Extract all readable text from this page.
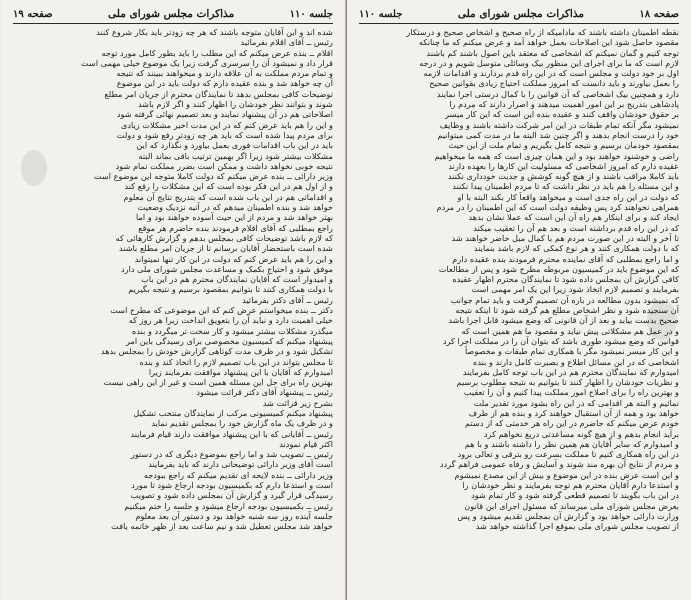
صفحه ۱۸
مذاکرات مجلس شورای ملی
جلسه ۱۱۰
نقطه اطمینان داشته باشند که مادامیکه از راه صحیح و اشخاص صحیح و درستکار
مقصود حاصل شود این اصلاحات بعمل خواهد آمد و عرض میکنم که ما چنانکه
توجه کنیم و گمان نمیکنم که اشخاصی که معتقد باین اصول باشند کم باشند
لازم است که ما برای اجرای این منظور بیک وسائلی متوسل شویم و در درجه
اول بر خود دولت و مجلس است که در این راه قدم بردارند و اقدامات لازمه
را بعمل بیاورند و باید دانست که امروز مملکت احتیاج زیادی بقوانین صحیح
دارد و همچنین بیک اشخاصی که آن قوانین را با کمال درستی اجرا نمایند
پادشاهی بتدریج بر این امور اهمیت میدهند و اصرار دارند که مردم را
بر حقوق خودشان واقف کنند و عقیده بنده این است که این کار میسر
نمیشود مگر آنکه تمام طبقات در این امر شرکت داشته باشند و وظایف
خود را درست انجام بدهند و اگر چنین شد البته ما در مدت کمی میتوانیم
بمقصود خودمان برسیم و نتیجه کامل بگیریم و تمام ملت از این حیث
راضی و خوشنود خواهند بود و این همان چیزی است که همه ما میخواهیم
عقیده دارم که امروز اشخاصی که مسئولیت این کارها را بعهده دارند
باید کاملا مراقب باشند و از هیچ گونه کوشش و جدیت خودداری نکنند
و این مسئله را هم باید در نظر داشت که تا مردم اطمینان پیدا نکنند
که دولت در این راه جدی است و میخواهد واقعاً کار بکند البته با او
همراهی نخواهند کرد پس وظیفه دولت است که این اطمینان را در مردم
ایجاد کند و برای اینکار هم راه آن این است که عملا نشان بدهد
که در این راه قدم برداشته است و بعد هم آن را تعقیب میکند
تا آخر و البته در این صورت مردم هم با کمال میل حاضر خواهند شد
که با دولت همکاری کنند و هر نوع کمکی که لازم باشد بنمایند
و اما راجع بمطلبی که آقای نماینده محترم فرمودند بنده عقیده دارم
که این موضوع باید در کمیسیون مربوطه مطرح شود و پس از مطالعات
کافی گزارش آن بمجلس داده شود تا نمایندگان محترم اظهار عقیده
بفرمایند و تصمیم لازم اتخاذ شود زیرا این یک امر مهمی است
که نمیشود بدون مطالعه در باره آن تصمیم گرفت و باید تمام جوانب
آن سنجیده شود و نظر اشخاص مطلع هم گرفته شود تا اینکه نتیجه
صحیح بدست بیاید و بعد از آن قانونی که وضع میشود قابل اجرا باشد
و در عمل هم مشکلاتی پیش نیاید و مقصود ما هم همین است که
قوانین که وضع میشود طوری باشد که بتوان آن را در مملکت اجرا کرد
و این کار میسر نمیشود مگر با همکاری تمام طبقات و مخصوصاً
اشخاصی که در این مسائل اطلاع و بصیرت کامل دارند و بنده
امیدوارم که نمایندگان محترم هم در این باب توجه کامل بفرمایند
و نظریات خودشان را اظهار کنند تا بتوانیم به نتیجه مطلوب برسیم
و بهترین راه را برای اصلاح امور مملکت پیدا کنیم و آن را تعقیب
نمائیم و البته هر اقدامی که در این راه بشود مورد تقدیر ملت
خواهد بود و همه از آن استقبال خواهند کرد و بنده هم از طرف
خودم عرض میکنم که حاضرم در این راه هر خدمتی که از دستم
برآید انجام بدهم و از هیچ گونه مساعدتی دریغ نخواهم کرد
و امیدوارم که سایر آقایان هم همین نظر را داشته باشند و با هم
در این راه همکاری کنیم تا مملکت بسرعت رو بترقی و تعالی برود
و مردم از نتایج آن بهره مند شوند و آسایش و رفاه عمومی فراهم گردد
و این است عرض بنده در این موضوع و بیش از این مصدع نمیشوم
و استدعا دارم آقایان محترم هم توجه بفرمایند و نظر خودشان را
در این باب بگویند تا تصمیم قطعی گرفته شود و کار تمام شود
بعرض مجلس شورای ملی میرساند که مسئول اجرای این قانون
وزارت دارائی خواهد بود و گزارش آن بمجلس تقدیم میشود و پس
از تصویب مجلس شورای ملی بموقع اجرا گذاشته خواهد شد
جلسه ۱۱۰
مذاکرات مجلس شورای ملی
صفحه ۱۹
شده اند و این آقایان متوجه باشند که هر چه زودتر باید بکار شروع کنند
رئیس ــ آقای اقلام بفرمائید
اقلام ــ بنده عرض میکنم که این مطلب را باید بطور کامل مورد توجه
قرار داد و نمیشود آن را سرسری گرفت زیرا یک موضوع خیلی مهمی است
و تمام مردم مملکت به آن علاقه دارند و میخواهند ببینند که نتیجه
آن چه خواهد شد و بنده عقیده دارم که دولت باید در این موضوع
توضیحات کافی بمجلس بدهد تا نمایندگان محترم از جریان امر مطلع
شوند و بتوانند نظر خودشان را اظهار کنند و اگر لازم باشد
اصلاحاتی هم در آن پیشنهاد نمایند و بعد تصمیم نهائی گرفته شود
و این را هم باید عرض کنم که در این مدت اخیر مشکلات زیادی
برای مردم پیدا شده است که باید هر چه زودتر رفع شود و دولت
باید در این باب اقدامات فوری بعمل بیاورد و نگذارد که این
مشکلات بیشتر شود زیرا اگر بهمین ترتیب باقی بماند البته
نتیجه خوبی نخواهد داشت و ممکن است بضرر مملکت تمام شود
وزیر دارائی ــ بنده عرض میکنم که دولت کاملا متوجه این موضوع است
و از اول هم در این فکر بوده است که این مشکلات را رفع کند
و اقداماتی هم در این باب شده است که بتدریج نتایج آن معلوم
خواهد شد و بنده اطمینان میدهم که در آتیه نزدیک وضعیت
بهتر خواهد شد و مردم از این حیث آسوده خواهند بود و اما
راجع بمطلبی که آقای اقلام فرمودند بنده حاضرم هر موقع
که لازم باشد توضیحات کافی بمجلس بدهم و گزارش کارهائی که
شده است باستحضار آقایان برسانم تا از جریان امر مطلع باشند
و این را هم باید عرض کنم که دولت در این کار تنها نمیتواند
موفق شود و احتیاج بکمک و مساعدت مجلس شورای ملی دارد
و امیدوار است که آقایان نمایندگان محترم هم در این باب
با دولت همکاری کنند تا بتوانیم بمقصود برسیم و نتیجه بگیریم
رئیس ــ آقای دکتر بفرمائید
دکتر ــ بنده میخواستم عرض کنم که این موضوعی که مطرح است
خیلی اهمیت دارد و نباید آن را بتعویق انداخت زیرا هر روز که
میگذرد مشکلات بیشتر میشود و کار سخت تر میگردد و بنده
پیشنهاد میکنم که کمیسیون مخصوصی برای رسیدگی باین امر
تشکیل شود و در ظرف مدت کوتاهی گزارش خودش را بمجلس بدهد
تا مجلس بتواند در این باب تصمیم لازم را اتخاذ کند و بنده
امیدوارم که آقایان با این پیشنهاد موافقت بفرمایند زیرا
بهترین راه برای حل این مسئله همین است و غیر از این راهی نیست
رئیس ــ پیشنهاد آقای دکتر قرائت میشود
بشرح زیر قرائت شد
پیشنهاد میکنم کمیسیونی مرکب از نمایندگان منتخب تشکیل
و در ظرف یک ماه گزارش خود را بمجلس تقدیم نماید
رئیس ــ آقایانی که با این پیشنهاد موافقت دارند قیام فرمایند
اکثر قیام نمودند
رئیس ــ تصویب شد و اما راجع بموضوع دیگری که در دستور
است آقای وزیر دارائی توضیحاتی دارند که باید بفرمایند
وزیر دارائی ــ بنده لایحه ای تقدیم میکنم که راجع ببودجه
است و استدعا دارم که بکمیسیون بودجه ارجاع شود تا مورد
رسیدگی قرار گیرد و گزارش آن بمجلس داده شود و تصویب
رئیس ــ بکمیسیون بودجه ارجاع میشود و جلسه را ختم میکنیم
جلسه آینده روز سه شنبه خواهد بود و دستور آن بعد معلوم
خواهد شد مجلس تعطیل شد و نیم ساعت بعد از ظهر خاتمه یافت
